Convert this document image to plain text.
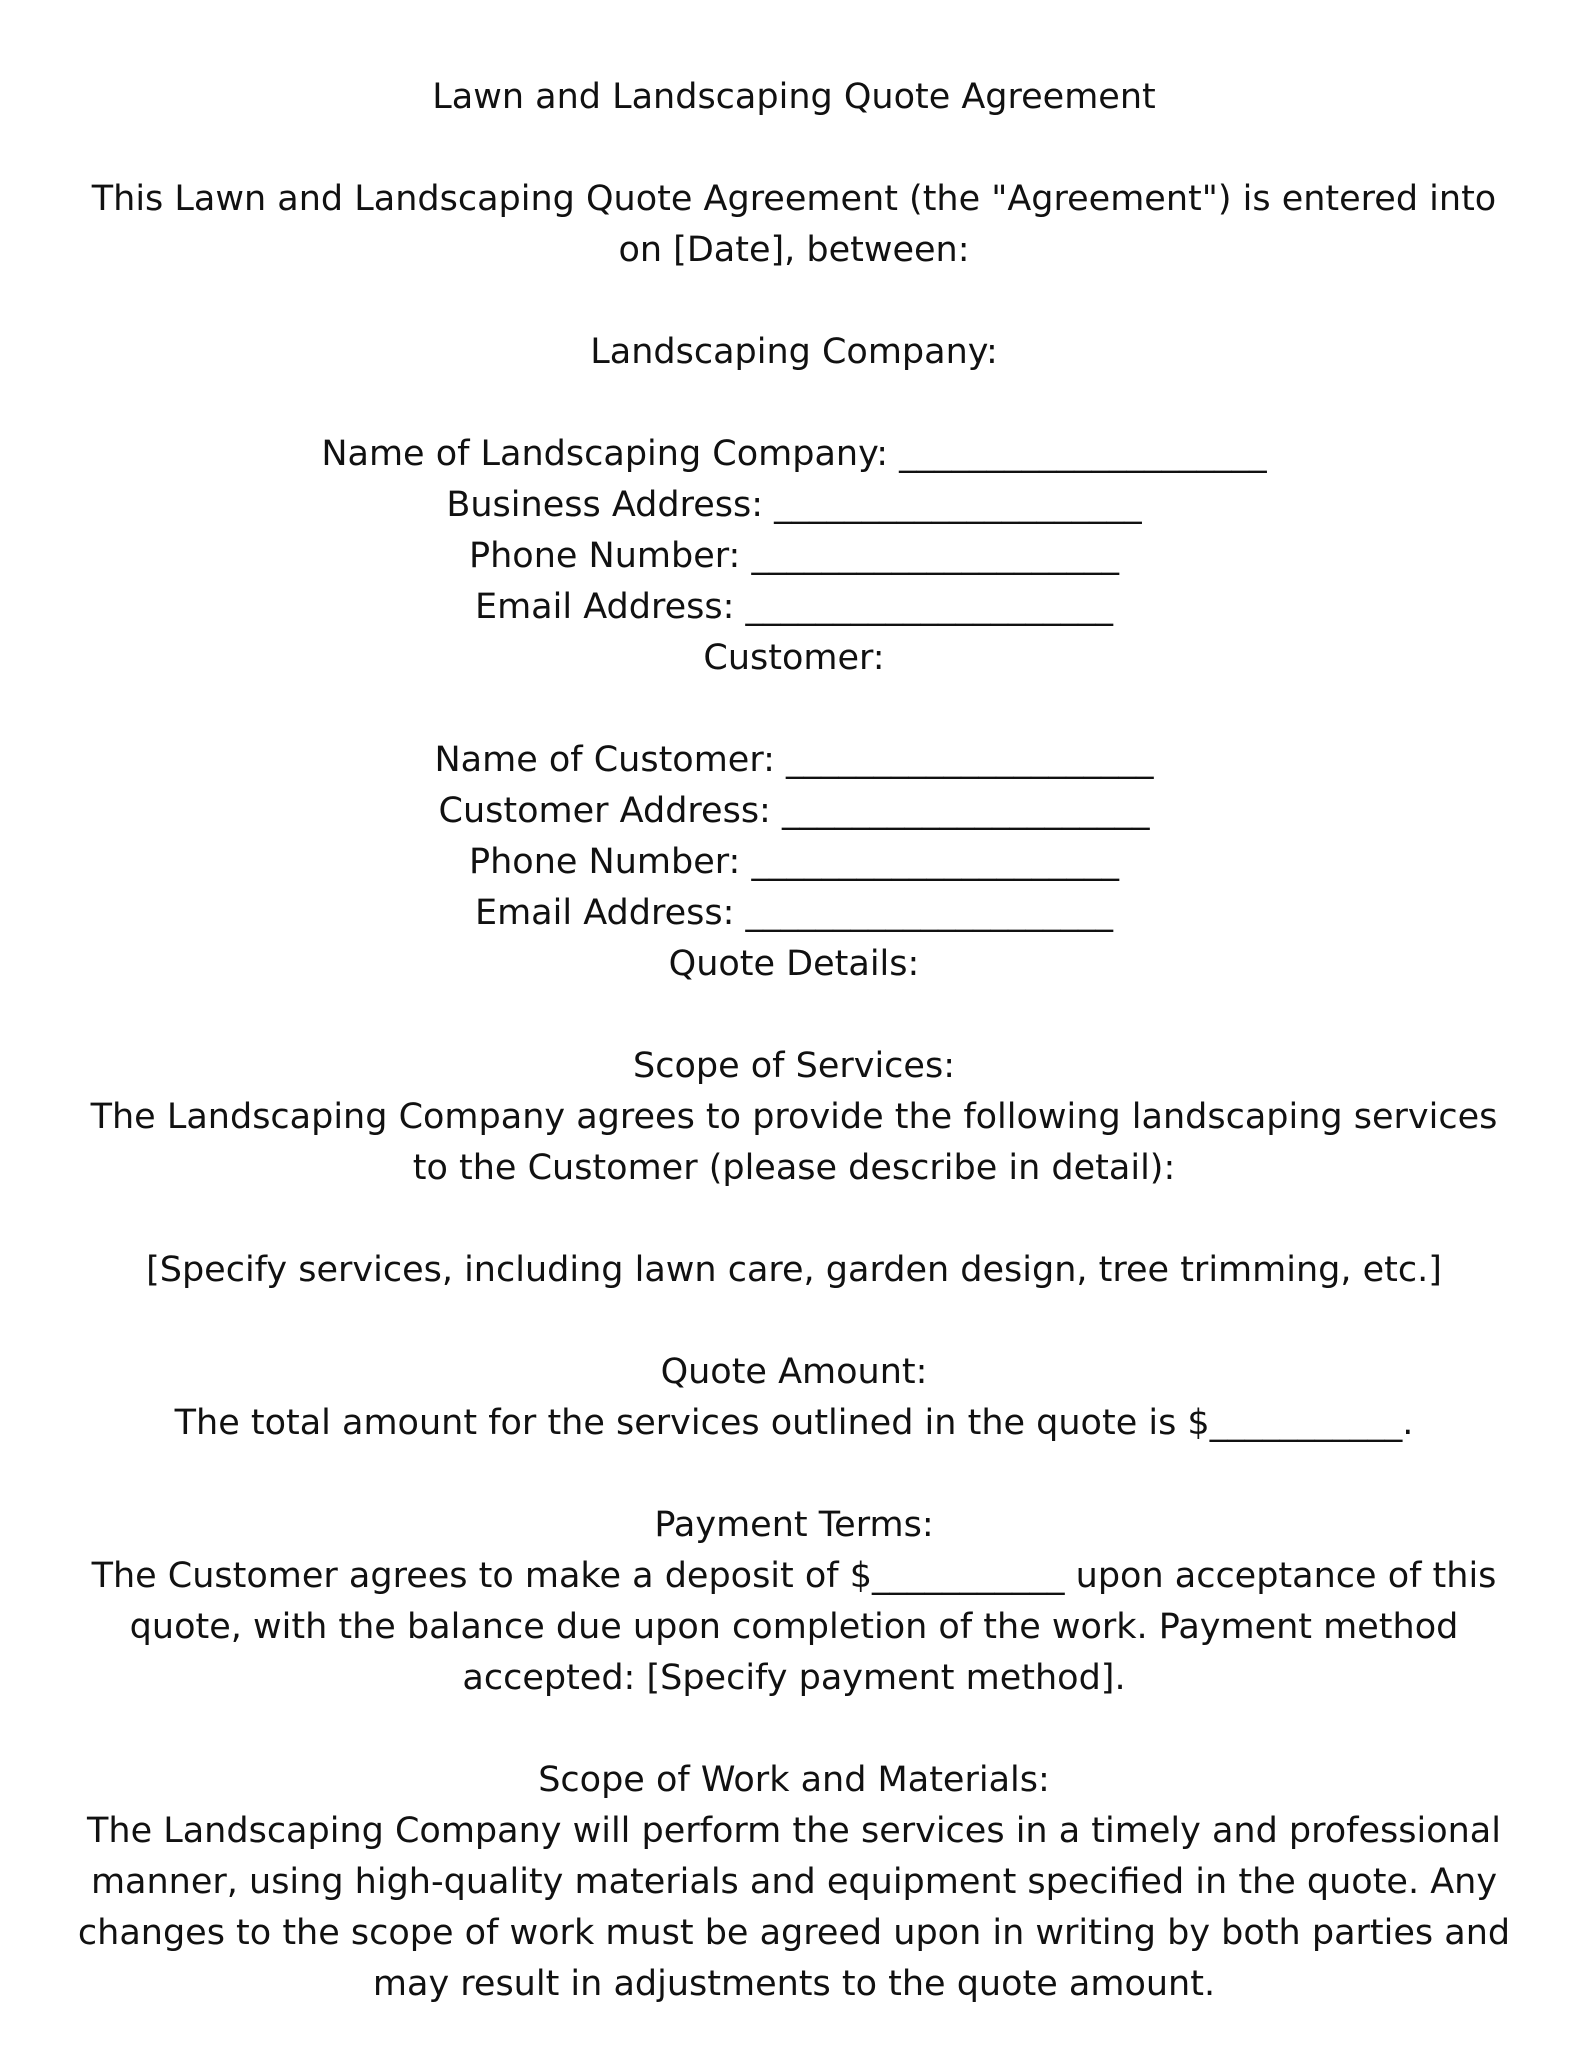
Lawn and Landscaping Quote Agreement

This Lawn and Landscaping Quote Agreement (the "Agreement") is entered into on [Date], between:

Landscaping Company:

Name of Landscaping Company: _____________________
Business Address: _____________________
Phone Number: _____________________
Email Address: _____________________

Customer:

Name of Customer: _____________________
Customer Address: _____________________
Phone Number: _____________________
Email Address: _____________________

Quote Details:

Scope of Services:

The Landscaping Company agrees to provide the following landscaping services to the Customer (please describe in detail):

[Specify services, including lawn care, garden design, tree trimming, etc.]

Quote Amount:

The total amount for the services outlined in the quote is $___________.

Payment Terms:

The Customer agrees to make a deposit of $___________ upon acceptance of this quote, with the balance due upon completion of the work. Payment method accepted: [Specify payment method].

Scope of Work and Materials:

The Landscaping Company will perform the services in a timely and professional manner, using high-quality materials and equipment specified in the quote. Any changes to the scope of work must be agreed upon in writing by both parties and may result in adjustments to the quote amount.
